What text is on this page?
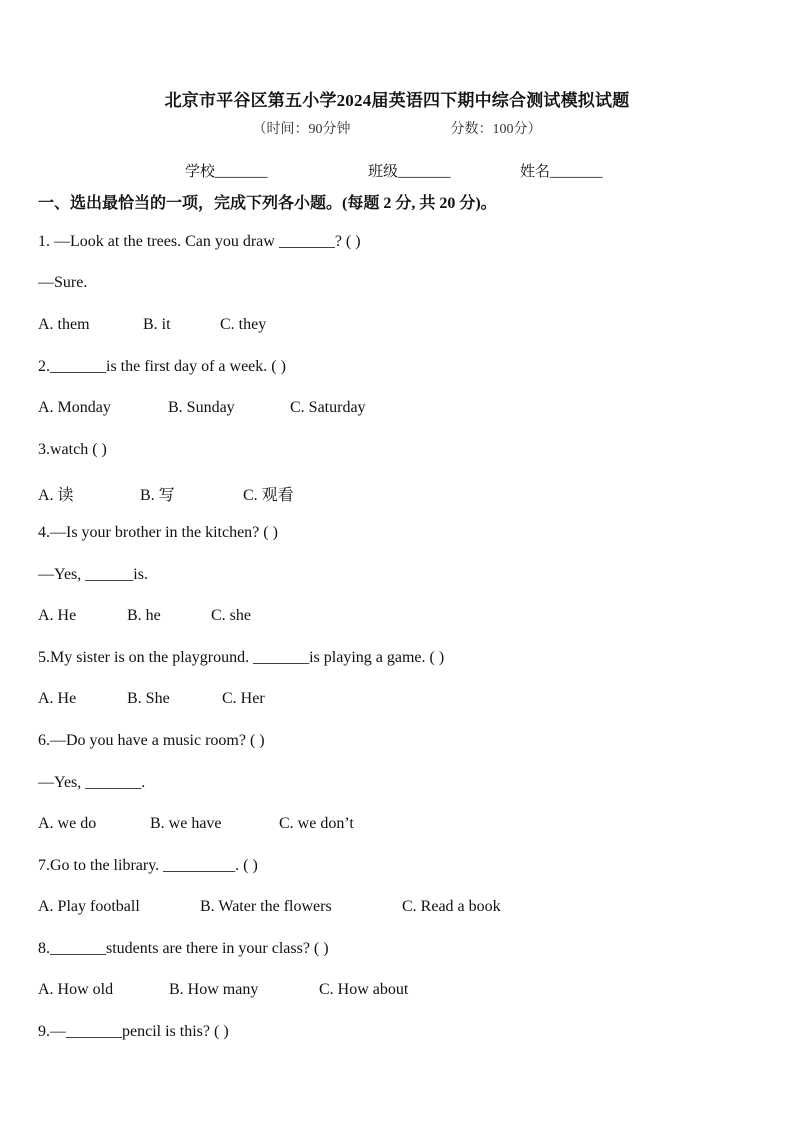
北京市平谷区第五小学2024届英语四下期中综合测试模拟试题
（时间：90分钟	分数：100分）
学校_______	班级_______	姓名_______
一、选出最恰当的一项，完成下列各小题。(每题 2 分, 共 20 分)。
1. —Look at the trees. Can you draw _______? ( )
—Sure.
A. them	B. it	C. they
2._______is the first day of a week. ( )
A. Monday	B. Sunday	C. Saturday
3.watch ( )
A. 读	B. 写	C. 观看
4.—Is your brother in the kitchen? ( )
—Yes, ______is.
A. He	B. he	C. she
5.My sister is on the playground. _______is playing a game. ( )
A. He	B. She	C. Her
6.—Do you have a music room? ( )
—Yes, _______.
A. we do	B. we have	C. we don’t
7.Go to the library. _________. ( )
A. Play football	B. Water the flowers	C. Read a book
8._______students are there in your class? ( )
A. How old	B. How many	C. How about
9.—_______pencil is this? ( )
